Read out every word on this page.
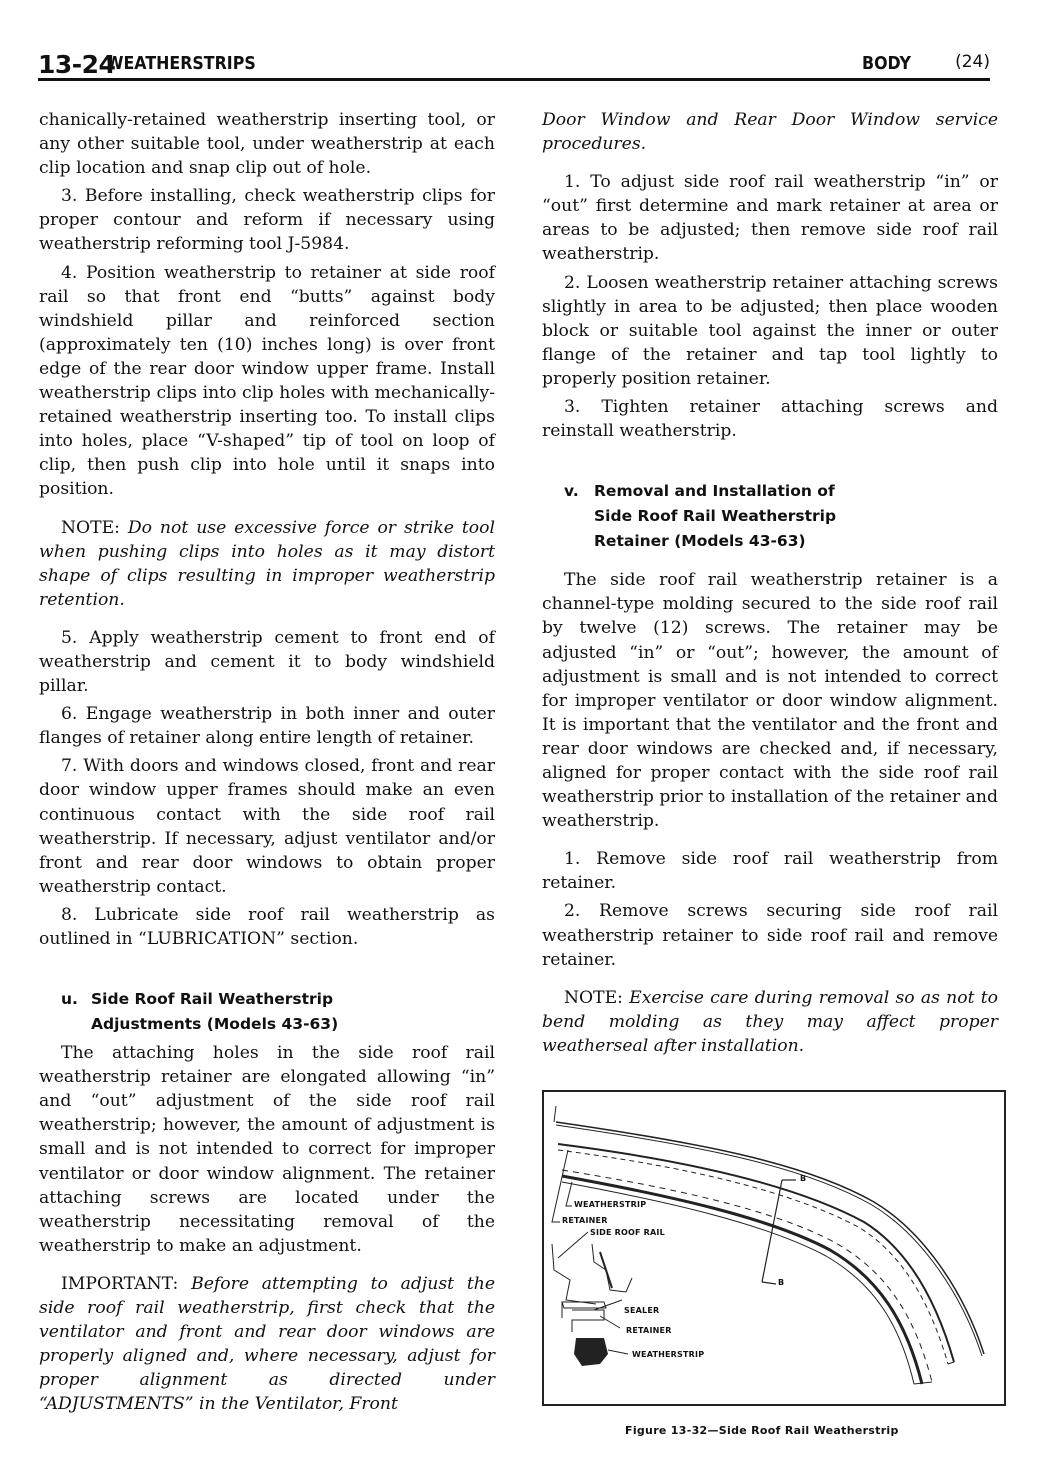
13-24
WEATHERSTRIPS	BODY	(24)

chanically-retained weatherstrip inserting tool, or any other suitable tool, under weatherstrip at each clip location and snap clip out of hole.

3. Before installing, check weatherstrip clips for proper contour and reform if necessary using weatherstrip reforming tool J-5984.

4. Position weatherstrip to retainer at side roof rail so that front end “butts” against body windshield pillar and reinforced section (approximately ten (10) inches long) is over front edge of the rear door window upper frame. Install weatherstrip clips into clip holes with mechanically-retained weatherstrip inserting too. To install clips into holes, place “V-shaped” tip of tool on loop of clip, then push clip into hole until it snaps into position.

NOTE: Do not use excessive force or strike tool when pushing clips into holes as it may distort shape of clips resulting in improper weatherstrip retention.

5. Apply weatherstrip cement to front end of weatherstrip and cement it to body windshield pillar.

6. Engage weatherstrip in both inner and outer flanges of retainer along entire length of retainer.

7. With doors and windows closed, front and rear door window upper frames should make an even continuous contact with the side roof rail weatherstrip. If necessary, adjust ventilator and/or front and rear door windows to obtain proper weatherstrip contact.

8. Lubricate side roof rail weatherstrip as outlined in “LUBRICATION” section.

u. Side Roof Rail Weatherstrip
Adjustments (Models 43-63)

The attaching holes in the side roof rail weatherstrip retainer are elongated allowing “in” and “out” adjustment of the side roof rail weatherstrip; however, the amount of adjustment is small and is not intended to correct for improper ventilator or door window alignment. The retainer attaching screws are located under the weatherstrip necessitating removal of the weatherstrip to make an adjustment.

IMPORTANT: Before attempting to adjust the side roof rail weatherstrip, first check that the ventilator and front and rear door windows are properly aligned and, where necessary, adjust for proper alignment as directed under “ADJUSTMENTS” in the Ventilator, Front

Door Window and Rear Door Window service procedures.

1. To adjust side roof rail weatherstrip “in” or “out” first determine and mark retainer at area or areas to be adjusted; then remove side roof rail weatherstrip.

2. Loosen weatherstrip retainer attaching screws slightly in area to be adjusted; then place wooden block or suitable tool against the inner or outer flange of the retainer and tap tool lightly to properly position retainer.

3. Tighten retainer attaching screws and reinstall weatherstrip.

v. Removal and Installation of
Side Roof Rail Weatherstrip
Retainer (Models 43-63)

The side roof rail weatherstrip retainer is a channel-type molding secured to the side roof rail by twelve (12) screws. The retainer may be adjusted “in” or “out”; however, the amount of adjustment is small and is not intended to correct for improper ventilator or door window alignment. It is important that the ventilator and the front and rear door windows are checked and, if necessary, aligned for proper contact with the side roof rail weatherstrip prior to installation of the retainer and weatherstrip.

1. Remove side roof rail weatherstrip from retainer.

2. Remove screws securing side roof rail weatherstrip retainer to side roof rail and remove retainer.

NOTE: Exercise care during removal so as not to bend molding as they may affect proper weatherseal after installation.

WEATHERSTRIP
RETAINER
SIDE ROOF RAIL
SEALER
RETAINER
WEATHERSTRIP
B
B
Figure 13-32—Side Roof Rail Weatherstrip
